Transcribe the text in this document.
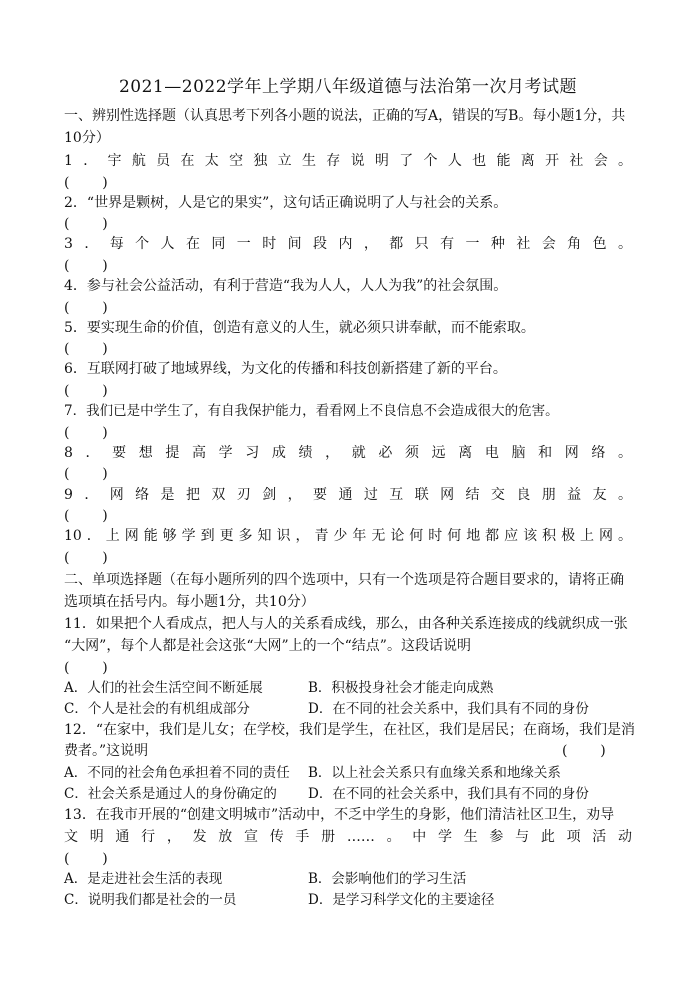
2021—2022学年上学期八年级道德与法治第一次月考试题
一、辨别性选择题（认真思考下列各小题的说法，正确的写A，错误的写B。每小题1分，共
10分）
1．宇航员在太空独立生存说明了个人也能离开社会。
(    )
2．“世界是颗树，人是它的果实”，这句话正确说明了人与社会的关系。
(    )
3．每个人在同一时间段内，都只有一种社会角色。
(    )
4．参与社会公益活动，有利于营造“我为人人，人人为我”的社会氛围。
(    )
5．要实现生命的价值，创造有意义的人生，就必须只讲奉献，而不能索取。
(    )
6．互联网打破了地域界线，为文化的传播和科技创新搭建了新的平台。
(    )
7．我们已是中学生了，有自我保护能力，看看网上不良信息不会造成很大的危害。
(    )
8．要想提高学习成绩，就必须远离电脑和网络。
(    )
9．网络是把双刃剑，要通过互联网结交良朋益友。
(    )
10．上网能够学到更多知识，青少年无论何时何地都应该积极上网。
(    )
二、单项选择题（在每小题所列的四个选项中，只有一个选项是符合题目要求的，请将正确
选项填在括号内。每小题1分，共10分）
11．如果把个人看成点，把人与人的关系看成线，那么，由各种关系连接成的线就织成一张
“大网”，每个人都是社会这张“大网”上的一个“结点”。这段话说明
(    )
A．人们的社会生活空间不断延展	B．积极投身社会才能走向成熟
C．个人是社会的有机组成部分	D．在不同的社会关系中，我们具有不同的身份
12．“在家中，我们是儿女；在学校，我们是学生，在社区，我们是居民；在商场，我们是消
费者。”这说明	(    )
A．不同的社会角色承担着不同的责任 B．以上社会关系只有血缘关系和地缘关系
C．社会关系是通过人的身份确定的 D．在不同的社会关系中，我们具有不同的身份
13．在我市开展的“创建文明城市”活动中，不乏中学生的身影，他们清洁社区卫生，劝导
文明通行，发放宣传手册……。中学生参与此项活动
(    )
A．是走进社会生活的表现	B．会影响他们的学习生活
C．说明我们都是社会的一员	D．是学习科学文化的主要途径
